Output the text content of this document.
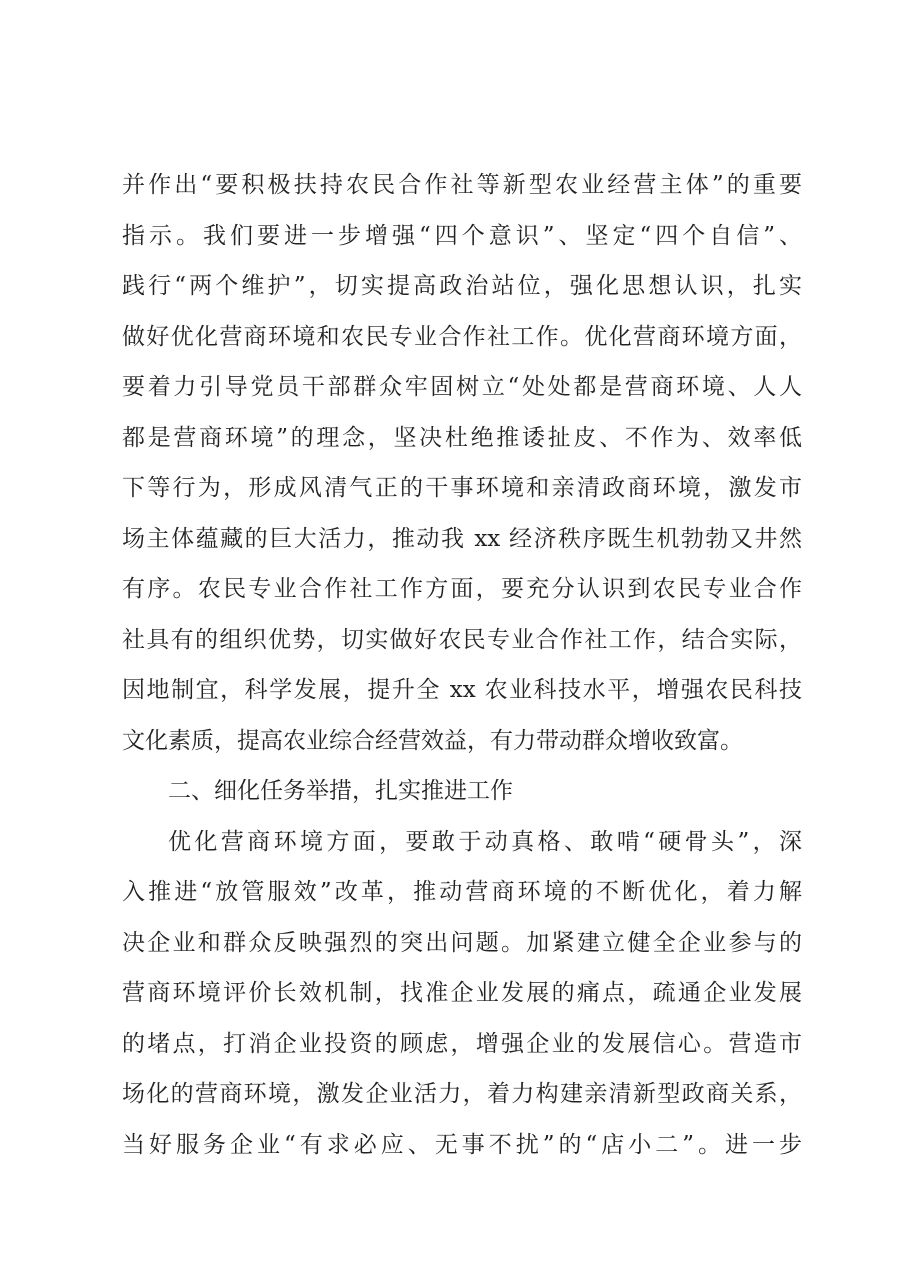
并作出“要积极扶持农民合作社等新型农业经营主体”的重要
指示。我们要进一步增强“四个意识”、坚定“四个自信”、
践行“两个维护”，切实提高政治站位，强化思想认识，扎实
做好优化营商环境和农民专业合作社工作。优化营商环境方面，
要着力引导党员干部群众牢固树立“处处都是营商环境、人人
都是营商环境”的理念，坚决杜绝推诿扯皮、不作为、效率低
下等行为，形成风清气正的干事环境和亲清政商环境，激发市
场主体蕴藏的巨大活力，推动我 xx 经济秩序既生机勃勃又井然
有序。农民专业合作社工作方面，要充分认识到农民专业合作
社具有的组织优势，切实做好农民专业合作社工作，结合实际，
因地制宜，科学发展，提升全 xx 农业科技水平，增强农民科技
文化素质，提高农业综合经营效益，有力带动群众增收致富。
二、细化任务举措，扎实推进工作
优化营商环境方面，要敢于动真格、敢啃“硬骨头”，深
入推进“放管服效”改革，推动营商环境的不断优化，着力解
决企业和群众反映强烈的突出问题。加紧建立健全企业参与的
营商环境评价长效机制，找准企业发展的痛点，疏通企业发展
的堵点，打消企业投资的顾虑，增强企业的发展信心。营造市
场化的营商环境，激发企业活力，着力构建亲清新型政商关系，
当好服务企业“有求必应、无事不扰”的“店小二”。进一步
